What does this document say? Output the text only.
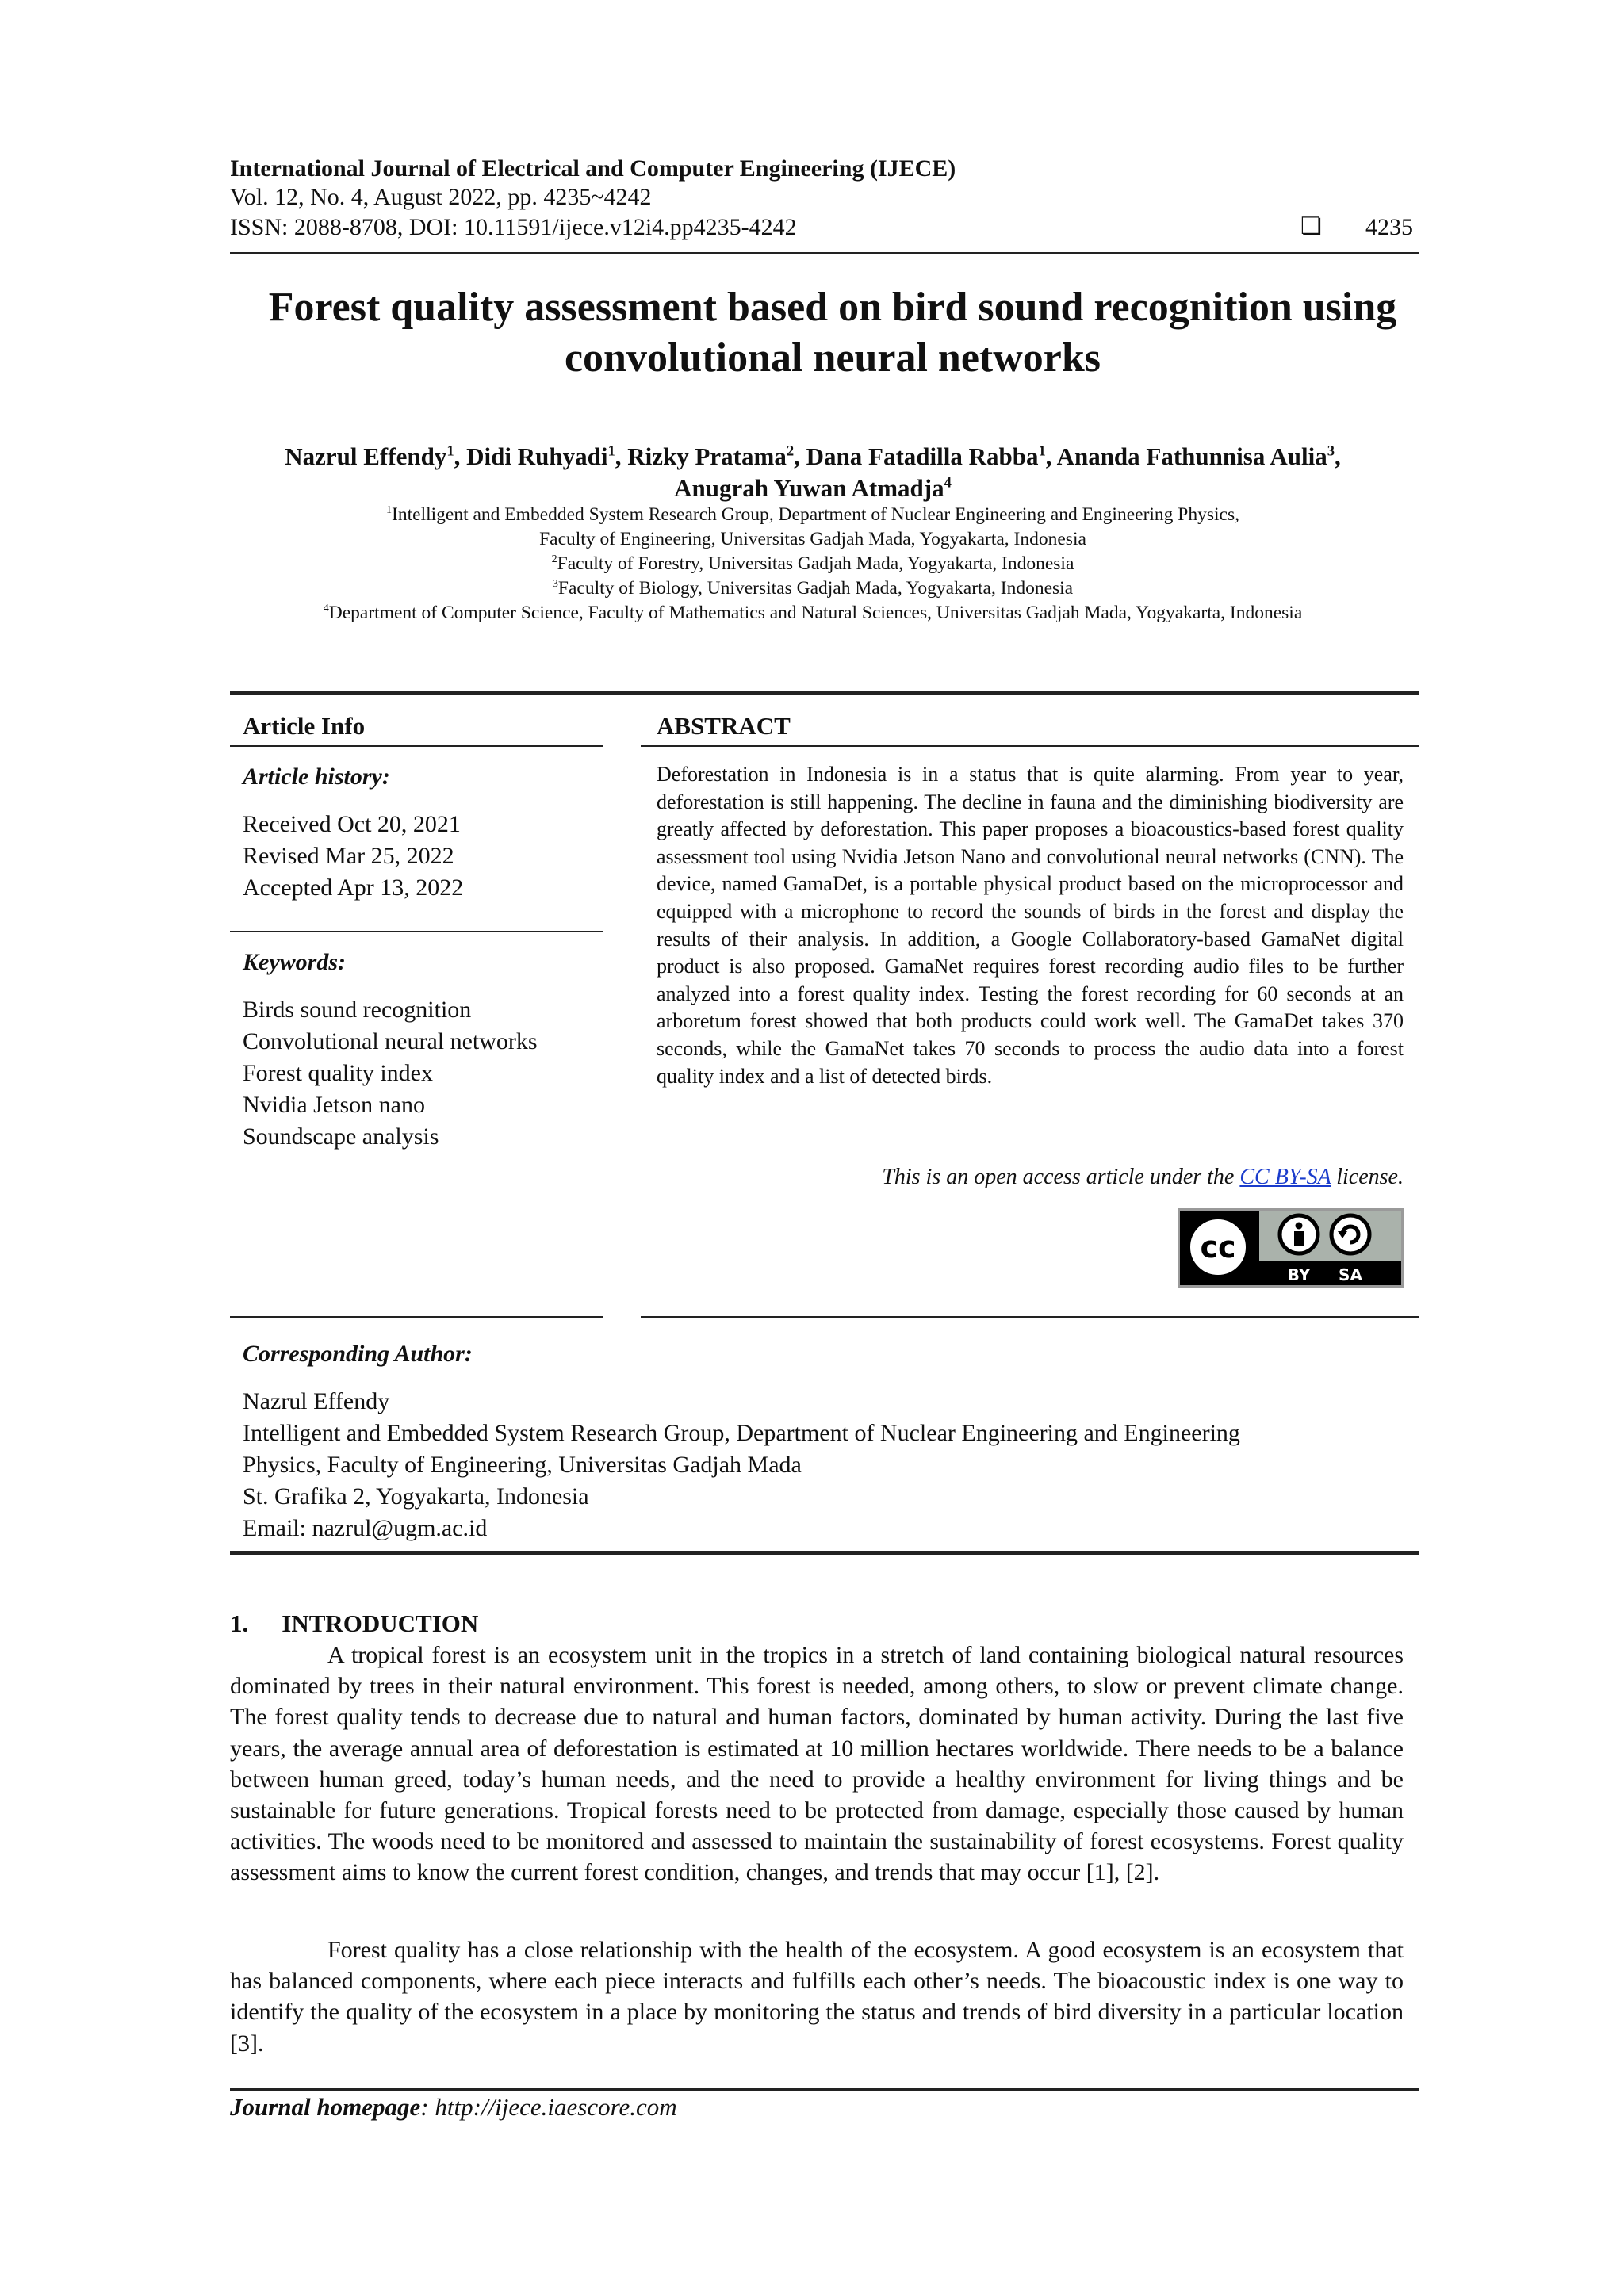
International Journal of Electrical and Computer Engineering (IJECE)
Vol. 12, No. 4, August 2022, pp. 4235~4242
ISSN: 2088-8708, DOI: 10.11591/ijece.v12i4.pp4235-4242	❏ 4235
Forest quality assessment based on bird sound recognition using
convolutional neural networks
Nazrul Effendy$^1$, Didi Ruhyadi$^1$, Rizky Pratama$^2$, Dana Fatadilla Rabba$^1$, Ananda Fathunnisa Aulia$^3$,
Anugrah Yuwan Atmadja$^4$
$^1$Intelligent and Embedded System Research Group, Department of Nuclear Engineering and Engineering Physics,
Faculty of Engineering, Universitas Gadjah Mada, Yogyakarta, Indonesia
$^2$Faculty of Forestry, Universitas Gadjah Mada, Yogyakarta, Indonesia
$^3$Faculty of Biology, Universitas Gadjah Mada, Yogyakarta, Indonesia
$^4$Department of Computer Science, Faculty of Mathematics and Natural Sciences, Universitas Gadjah Mada, Yogyakarta, Indonesia
Article Info
Article history:
Received Oct 20, 2021
Revised Mar 25, 2022
Accepted Apr 13, 2022
Keywords:
Birds sound recognition
Convolutional neural networks
Forest quality index
Nvidia Jetson nano
Soundscape analysis
ABSTRACT
Deforestation in Indonesia is in a status that is quite alarming. From year to year, deforestation is still happening. The decline in fauna and the diminishing biodiversity are greatly affected by deforestation. This paper proposes a bioacoustics-based forest quality assessment tool using Nvidia Jetson Nano and convolutional neural networks (CNN). The device, named GamaDet, is a portable physical product based on the microprocessor and equipped with a microphone to record the sounds of birds in the forest and display the results of their analysis. In addition, a Google Collaboratory-based GamaNet digital product is also proposed. GamaNet requires forest recording audio files to be further analyzed into a forest quality index. Testing the forest recording for 60 seconds at an arboretum forest showed that both products could work well. The GamaDet takes 370 seconds, while the GamaNet takes 70 seconds to process the audio data into a forest quality index and a list of detected birds.
This is an open access article under the CC BY-SA license.
cc
BY SA
Corresponding Author:
Nazrul Effendy
Intelligent and Embedded System Research Group, Department of Nuclear Engineering and Engineering
Physics, Faculty of Engineering, Universitas Gadjah Mada
St. Grafika 2, Yogyakarta, Indonesia
Email: nazrul@ugm.ac.id
1. INTRODUCTION
A tropical forest is an ecosystem unit in the tropics in a stretch of land containing biological natural resources dominated by trees in their natural environment. This forest is needed, among others, to slow or prevent climate change. The forest quality tends to decrease due to natural and human factors, dominated by human activity. During the last five years, the average annual area of deforestation is estimated at 10 million hectares worldwide. There needs to be a balance between human greed, today’s human needs, and the need to provide a healthy environment for living things and be sustainable for future generations. Tropical forests need to be protected from damage, especially those caused by human activities. The woods need to be monitored and assessed to maintain the sustainability of forest ecosystems. Forest quality assessment aims to know the current forest condition, changes, and trends that may occur [1], [2].
Forest quality has a close relationship with the health of the ecosystem. A good ecosystem is an ecosystem that has balanced components, where each piece interacts and fulfills each other’s needs. The bioacoustic index is one way to identify the quality of the ecosystem in a place by monitoring the status and trends of bird diversity in a particular location [3].
Journal homepage: http://ijece.iaescore.com
